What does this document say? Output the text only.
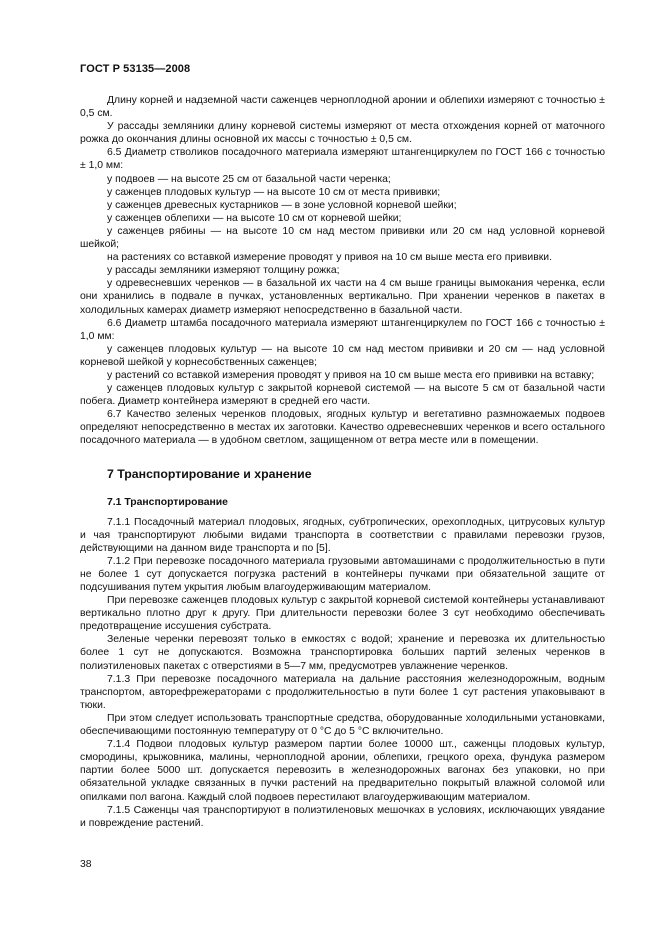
ГОСТ Р 53135—2008

Длину корней и надземной части саженцев черноплодной аронии и облепихи измеряют с точностью ± 0,5 см.

У рассады земляники длину корневой системы измеряют от места отхождения корней от маточного рожка до окончания длины основной их массы с точностью ± 0,5 см.

6.5 Диаметр стволиков посадочного материала измеряют штангенциркулем по ГОСТ 166 с точностью ± 1,0 мм:

у подвоев — на высоте 25 см от базальной части черенка;

у саженцев плодовых культур — на высоте 10 см от места прививки;

у саженцев древесных кустарников — в зоне условной корневой шейки;

у саженцев облепихи — на высоте 10 см от корневой шейки;

у саженцев рябины — на высоте 10 см над местом прививки или 20 см над условной корневой шейкой;

на растениях со вставкой измерение проводят у привоя на 10 см выше места его прививки.

у рассады земляники измеряют толщину рожка;

у одревесневших черенков — в базальной их части на 4 см выше границы вымокания черенка, если они хранились в подвале в пучках, установленных вертикально. При хранении черенков в пакетах в холодильных камерах диаметр измеряют непосредственно в базальной части.

6.6 Диаметр штамба посадочного материала измеряют штангенциркулем по ГОСТ 166 с точностью ± 1,0 мм:

у саженцев плодовых культур — на высоте 10 см над местом прививки и 20 см — над условной корневой шейкой у корнесобственных саженцев;

у растений со вставкой измерения проводят у привоя на 10 см выше места его прививки на вставку;

у саженцев плодовых культур с закрытой корневой системой — на высоте 5 см от базальной части побега. Диаметр контейнера измеряют в средней его части.

6.7 Качество зеленых черенков плодовых, ягодных культур и вегетативно размножаемых подвоев определяют непосредственно в местах их заготовки. Качество одревесневших черенков и всего остального посадочного материала — в удобном светлом, защищенном от ветра месте или в помещении.

7 Транспортирование и хранение
7.1 Транспортирование

7.1.1 Посадочный материал плодовых, ягодных, субтропических, орехоплодных, цитрусовых культур и чая транспортируют любыми видами транспорта в соответствии с правилами перевозки грузов, действующими на данном виде транспорта и по [5].

7.1.2 При перевозке посадочного материала грузовыми автомашинами с продолжительностью в пути не более 1 сут допускается погрузка растений в контейнеры пучками при обязательной защите от подсушивания путем укрытия любым влагоудерживающим материалом.

При перевозке саженцев плодовых культур с закрытой корневой системой контейнеры устанавливают вертикально плотно друг к другу. При длительности перевозки более 3 сут необходимо обеспечивать предотвращение иссушения субстрата.

Зеленые черенки перевозят только в емкостях с водой; хранение и перевозка их длительностью более 1 сут не допускаются. Возможна транспортировка больших партий зеленых черенков в полиэтиленовых пакетах с отверстиями в 5—7 мм, предусмотрев увлажнение черенков.

7.1.3 При перевозке посадочного материала на дальние расстояния железнодорожным, водным транспортом, авторефрежераторами с продолжительностью в пути более 1 сут растения упаковывают в тюки.

При этом следует использовать транспортные средства, оборудованные холодильными установками, обеспечивающими постоянную температуру от 0 °С до 5 °С включительно.

7.1.4 Подвои плодовых культур размером партии более 10000 шт., саженцы плодовых культур, смородины, крыжовника, малины, черноплодной аронии, облепихи, грецкого ореха, фундука размером партии более 5000 шт. допускается перевозить в железнодорожных вагонах без упаковки, но при обязательной укладке связанных в пучки растений на предварительно покрытый влажной соломой или опилками пол вагона. Каждый слой подвоев перестилают влагоудерживающим материалом.

7.1.5 Саженцы чая транспортируют в полиэтиленовых мешочках в условиях, исключающих увядание и повреждение растений.

38
